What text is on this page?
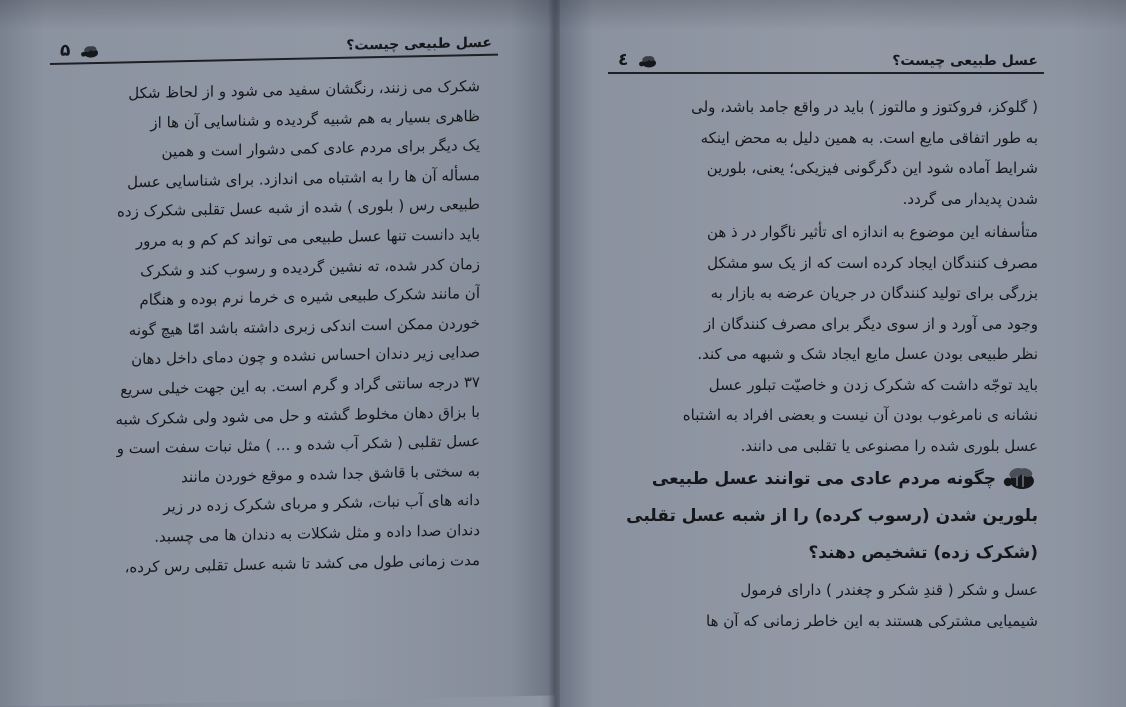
عسل طبیعی چیست؟
۵
شکرک می زنند، رنگشان سفید می شود و از لحاظ شکل
ظاهری بسیار به هم شبیه گردیده و شناسایی آن ها از
یک دیگر برای مردم عادی کمی دشوار است و همین
مسأله آن ها را به اشتباه می اندازد. برای شناسایی عسل
طبیعی رس ( بلوری ) شده از شبه عسل تقلبی شکرک زده
باید دانست تنها عسل طبیعی می تواند کم کم و به مرور
زمان کدر شده، ته نشین گردیده و رسوب کند و شکرک
آن مانند شکرک طبیعی شیره ی خرما نرم بوده و هنگام
خوردن ممکن است اندکی زبری داشته باشد امّا هیچ گونه
صدایی زیر دندان احساس نشده و چون دمای داخل دهان
۳۷ درجه سانتی گراد و گرم است. به این جهت خیلی سریع
با بزاق دهان مخلوط گشته و حل می شود ولی شکرک شبه
عسل تقلبی ( شکر آب شده و ... ) مثل نبات سفت است و
به سختی با قاشق جدا شده و موقع خوردن مانند
دانه های آب نبات، شکر و مربای شکرک زده در زیر
دندان صدا داده و مثل شکلات به دندان ها می چسبد.
مدت زمانی طول می کشد تا شبه عسل تقلبی رس کرده،
عسل طبیعی چیست؟
٤
( گلوکز، فروکتوز و مالتوز ) باید در واقع جامد باشد، ولی
به طور اتفاقی مایع است. به همین دلیل به محض اینکه
شرایط آماده شود این دگرگونی فیزیکی؛ یعنی، بلورین
شدن پدیدار می گردد.
متأسفانه این موضوع به اندازه ای تأثیر ناگوار در ذ هن
مصرف کنندگان ایجاد کرده است که از یک سو مشکل
بزرگی برای تولید کنندگان در جریان عرضه به بازار به
وجود می آورد و از سوی دیگر برای مصرف کنندگان از
نظر طبیعی بودن عسل مایع ایجاد شک و شبهه می کند.
باید توجّه داشت که شکرک زدن و خاصیّت تبلور عسل
نشانه ی نامرغوب بودن آن نیست و بعضی افراد به اشتباه
عسل بلوری شده را مصنوعی یا تقلبی می دانند.
چگونه مردم عادی می توانند عسل طبیعی
بلورین شدن (رسوب کرده) را از شبه عسل تقلبی
(شکرک زده) تشخیص دهند؟
عسل و شکر ( قندِ شکر و چغندر ) دارای فرمول
شیمیایی مشترکی هستند به این خاطر زمانی که آن ها
